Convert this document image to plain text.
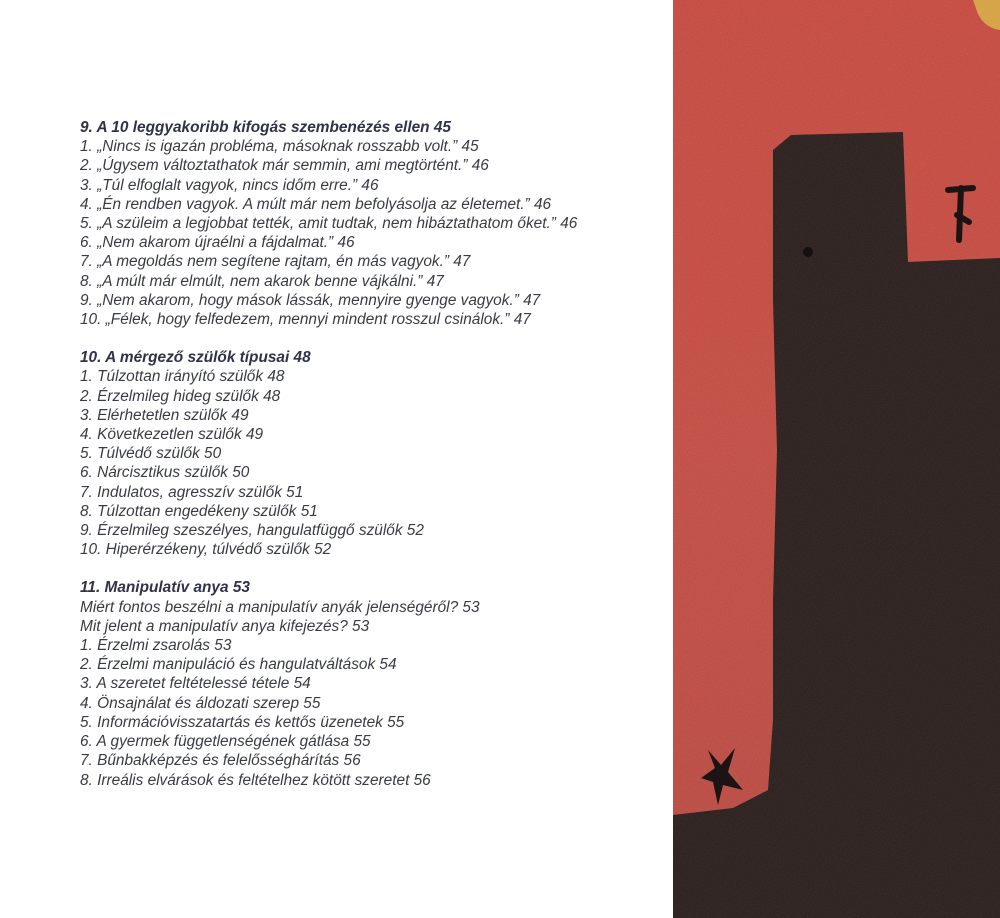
9. A 10 leggyakoribb kifogás szembenézés ellen 45
1. „Nincs is igazán probléma, másoknak rosszabb volt.” 45
2. „Úgysem változtathatok már semmin, ami megtörtént.” 46
3. „Túl elfoglalt vagyok, nincs időm erre.” 46
4. „Én rendben vagyok. A múlt már nem befolyásolja az életemet.” 46
5. „A szüleim a legjobbat tették, amit tudtak, nem hibáztathatom őket.” 46
6. „Nem akarom újraélni a fájdalmat.” 46
7. „A megoldás nem segítene rajtam, én más vagyok.” 47
8. „A múlt már elmúlt, nem akarok benne vájkálni.” 47
9. „Nem akarom, hogy mások lássák, mennyire gyenge vagyok.” 47
10. „Félek, hogy felfedezem, mennyi mindent rosszul csinálok.” 47
10. A mérgező szülők típusai 48
1. Túlzottan irányító szülők 48
2. Érzelmileg hideg szülők 48
3. Elérhetetlen szülők 49
4. Következetlen szülők 49
5. Túlvédő szülők 50
6. Nárcisztikus szülők 50
7. Indulatos, agresszív szülők 51
8. Túlzottan engedékeny szülők 51
9. Érzelmileg szeszélyes, hangulatfüggő szülők 52
10. Hiperérzékeny, túlvédő szülők 52
11. Manipulatív anya 53
Miért fontos beszélni a manipulatív anyák jelenségéről? 53
Mit jelent a manipulatív anya kifejezés? 53
1. Érzelmi zsarolás 53
2. Érzelmi manipuláció és hangulatváltások 54
3. A szeretet feltételessé tétele 54
4. Önsajnálat és áldozati szerep 55
5. Információvisszatartás és kettős üzenetek 55
6. A gyermek függetlenségének gátlása 55
7. Bűnbakképzés és felelősséghárítás 56
8. Irreális elvárások és feltételhez kötött szeretet 56
